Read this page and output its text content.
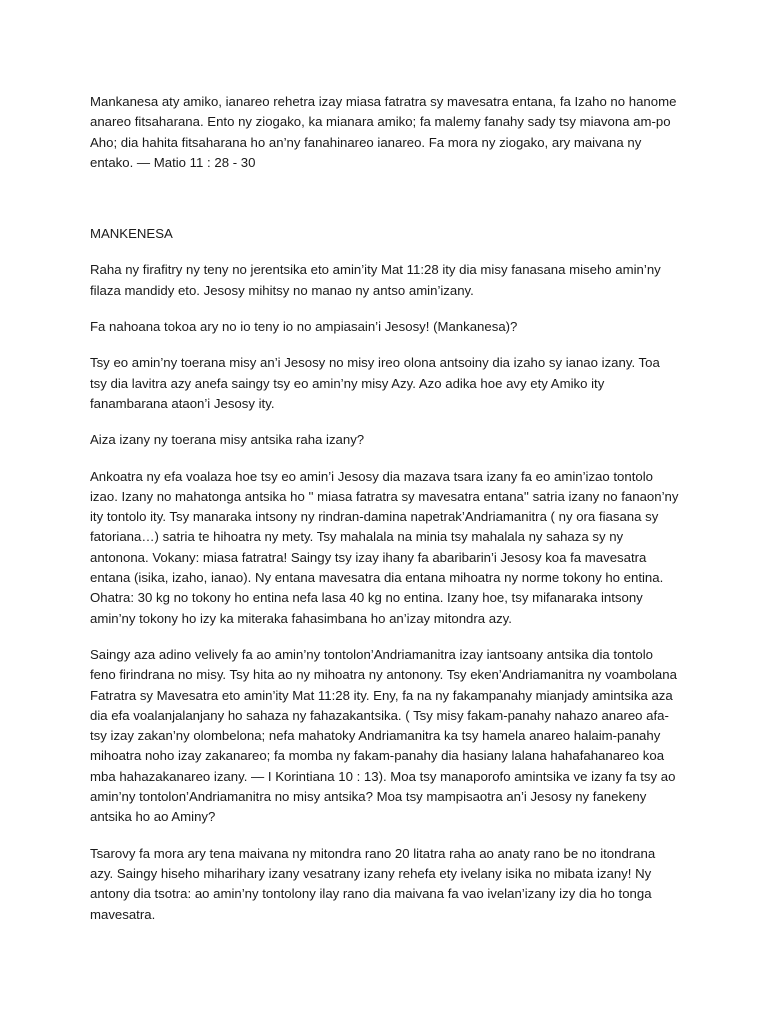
Mankanesa aty amiko, ianareo rehetra izay miasa fatratra sy mavesatra entana, fa Izaho no hanome anareo fitsaharana. Ento ny ziogako, ka mianara amiko; fa malemy fanahy sady tsy miavona am-po Aho; dia hahita fitsaharana ho an’ny fanahinareo ianareo. Fa mora ny ziogako, ary maivana ny entako. — Matio 11 : 28 - 30

MANKENESA

Raha ny firafitry ny teny no jerentsika eto amin’ity Mat 11:28 ity dia misy fanasana miseho amin’ny filaza mandidy eto. Jesosy mihitsy no manao ny antso amin’izany.

Fa nahoana tokoa ary no io teny io no ampiasain’i Jesosy! (Mankanesa)?

Tsy eo amin’ny toerana misy an’i Jesosy no misy ireo olona antsoiny dia izaho sy ianao izany. Toa tsy dia lavitra azy anefa saingy tsy eo amin’ny misy Azy. Azo adika hoe avy ety Amiko ity fanambarana ataon’i Jesosy ity.

Aiza izany ny toerana misy antsika raha izany?

Ankoatra ny efa voalaza hoe tsy eo amin’i Jesosy dia mazava tsara izany fa eo amin’izao tontolo izao. Izany no mahatonga antsika ho '' miasa fatratra sy mavesatra entana'' satria izany no fanaon’ny ity tontolo ity. Tsy manaraka intsony ny rindran-damina napetrak’Andriamanitra ( ny ora fiasana sy fatoriana…) satria te hihoatra ny mety. Tsy mahalala na minia tsy mahalala ny sahaza sy ny antonona. Vokany: miasa fatratra! Saingy tsy izay ihany fa abaribarin’i Jesosy koa fa mavesatra entana (isika, izaho, ianao). Ny entana mavesatra dia entana mihoatra ny norme tokony ho entina. Ohatra: 30 kg no tokony ho entina nefa lasa 40 kg no entina. Izany hoe, tsy mifanaraka intsony amin’ny tokony ho izy ka miteraka fahasimbana ho an’izay mitondra azy.

Saingy aza adino velively fa ao amin’ny tontolon’Andriamanitra izay iantsoany antsika dia tontolo feno firindrana no misy. Tsy hita ao ny mihoatra ny antonony. Tsy eken’Andriamanitra ny voambolana Fatratra sy Mavesatra eto amin’ity Mat 11:28 ity. Eny, fa na ny fakampanahy mianjady amintsika aza dia efa voalanjalanjany ho sahaza ny fahazakantsika. ( Tsy misy fakam-panahy nahazo anareo afa-tsy izay zakan’ny olombelona; nefa mahatoky Andriamanitra ka tsy hamela anareo halaim-panahy mihoatra noho izay zakanareo; fa momba ny fakam-panahy dia hasiany lalana hahafahanareo koa mba hahazakanareo izany. — I Korintiana 10 : 13). Moa tsy manaporofo amintsika ve izany fa tsy ao amin’ny tontolon’Andriamanitra no misy antsika? Moa tsy mampisaotra an’i Jesosy ny fanekeny antsika ho ao Aminy?

Tsarovy fa mora ary tena maivana ny mitondra rano 20 litatra raha ao anaty rano be no itondrana azy. Saingy hiseho miharihary izany vesatrany izany rehefa ety ivelany isika no mibata izany! Ny antony dia tsotra: ao amin’ny tontolony ilay rano dia maivana fa vao ivelan’izany izy dia ho tonga mavesatra.
